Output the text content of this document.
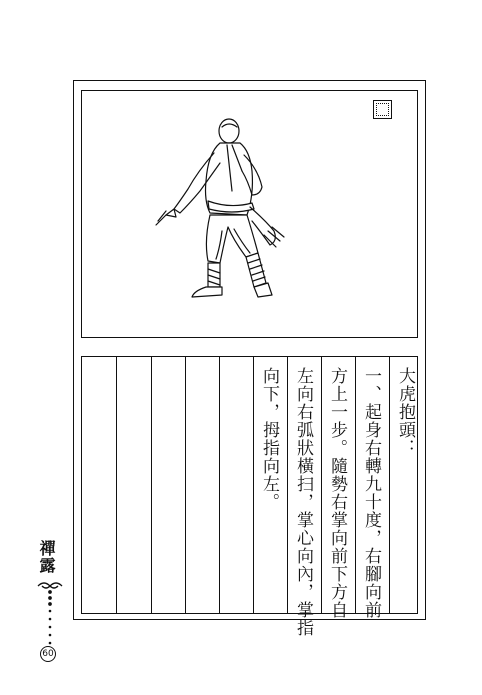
大虎抱頭：
一、起身右轉九十度，右腳向前
方上一步。隨勢右掌向前下方自
左向右弧狀橫扫，掌心向內，掌指
向下，拇指向左。
禪露
60
